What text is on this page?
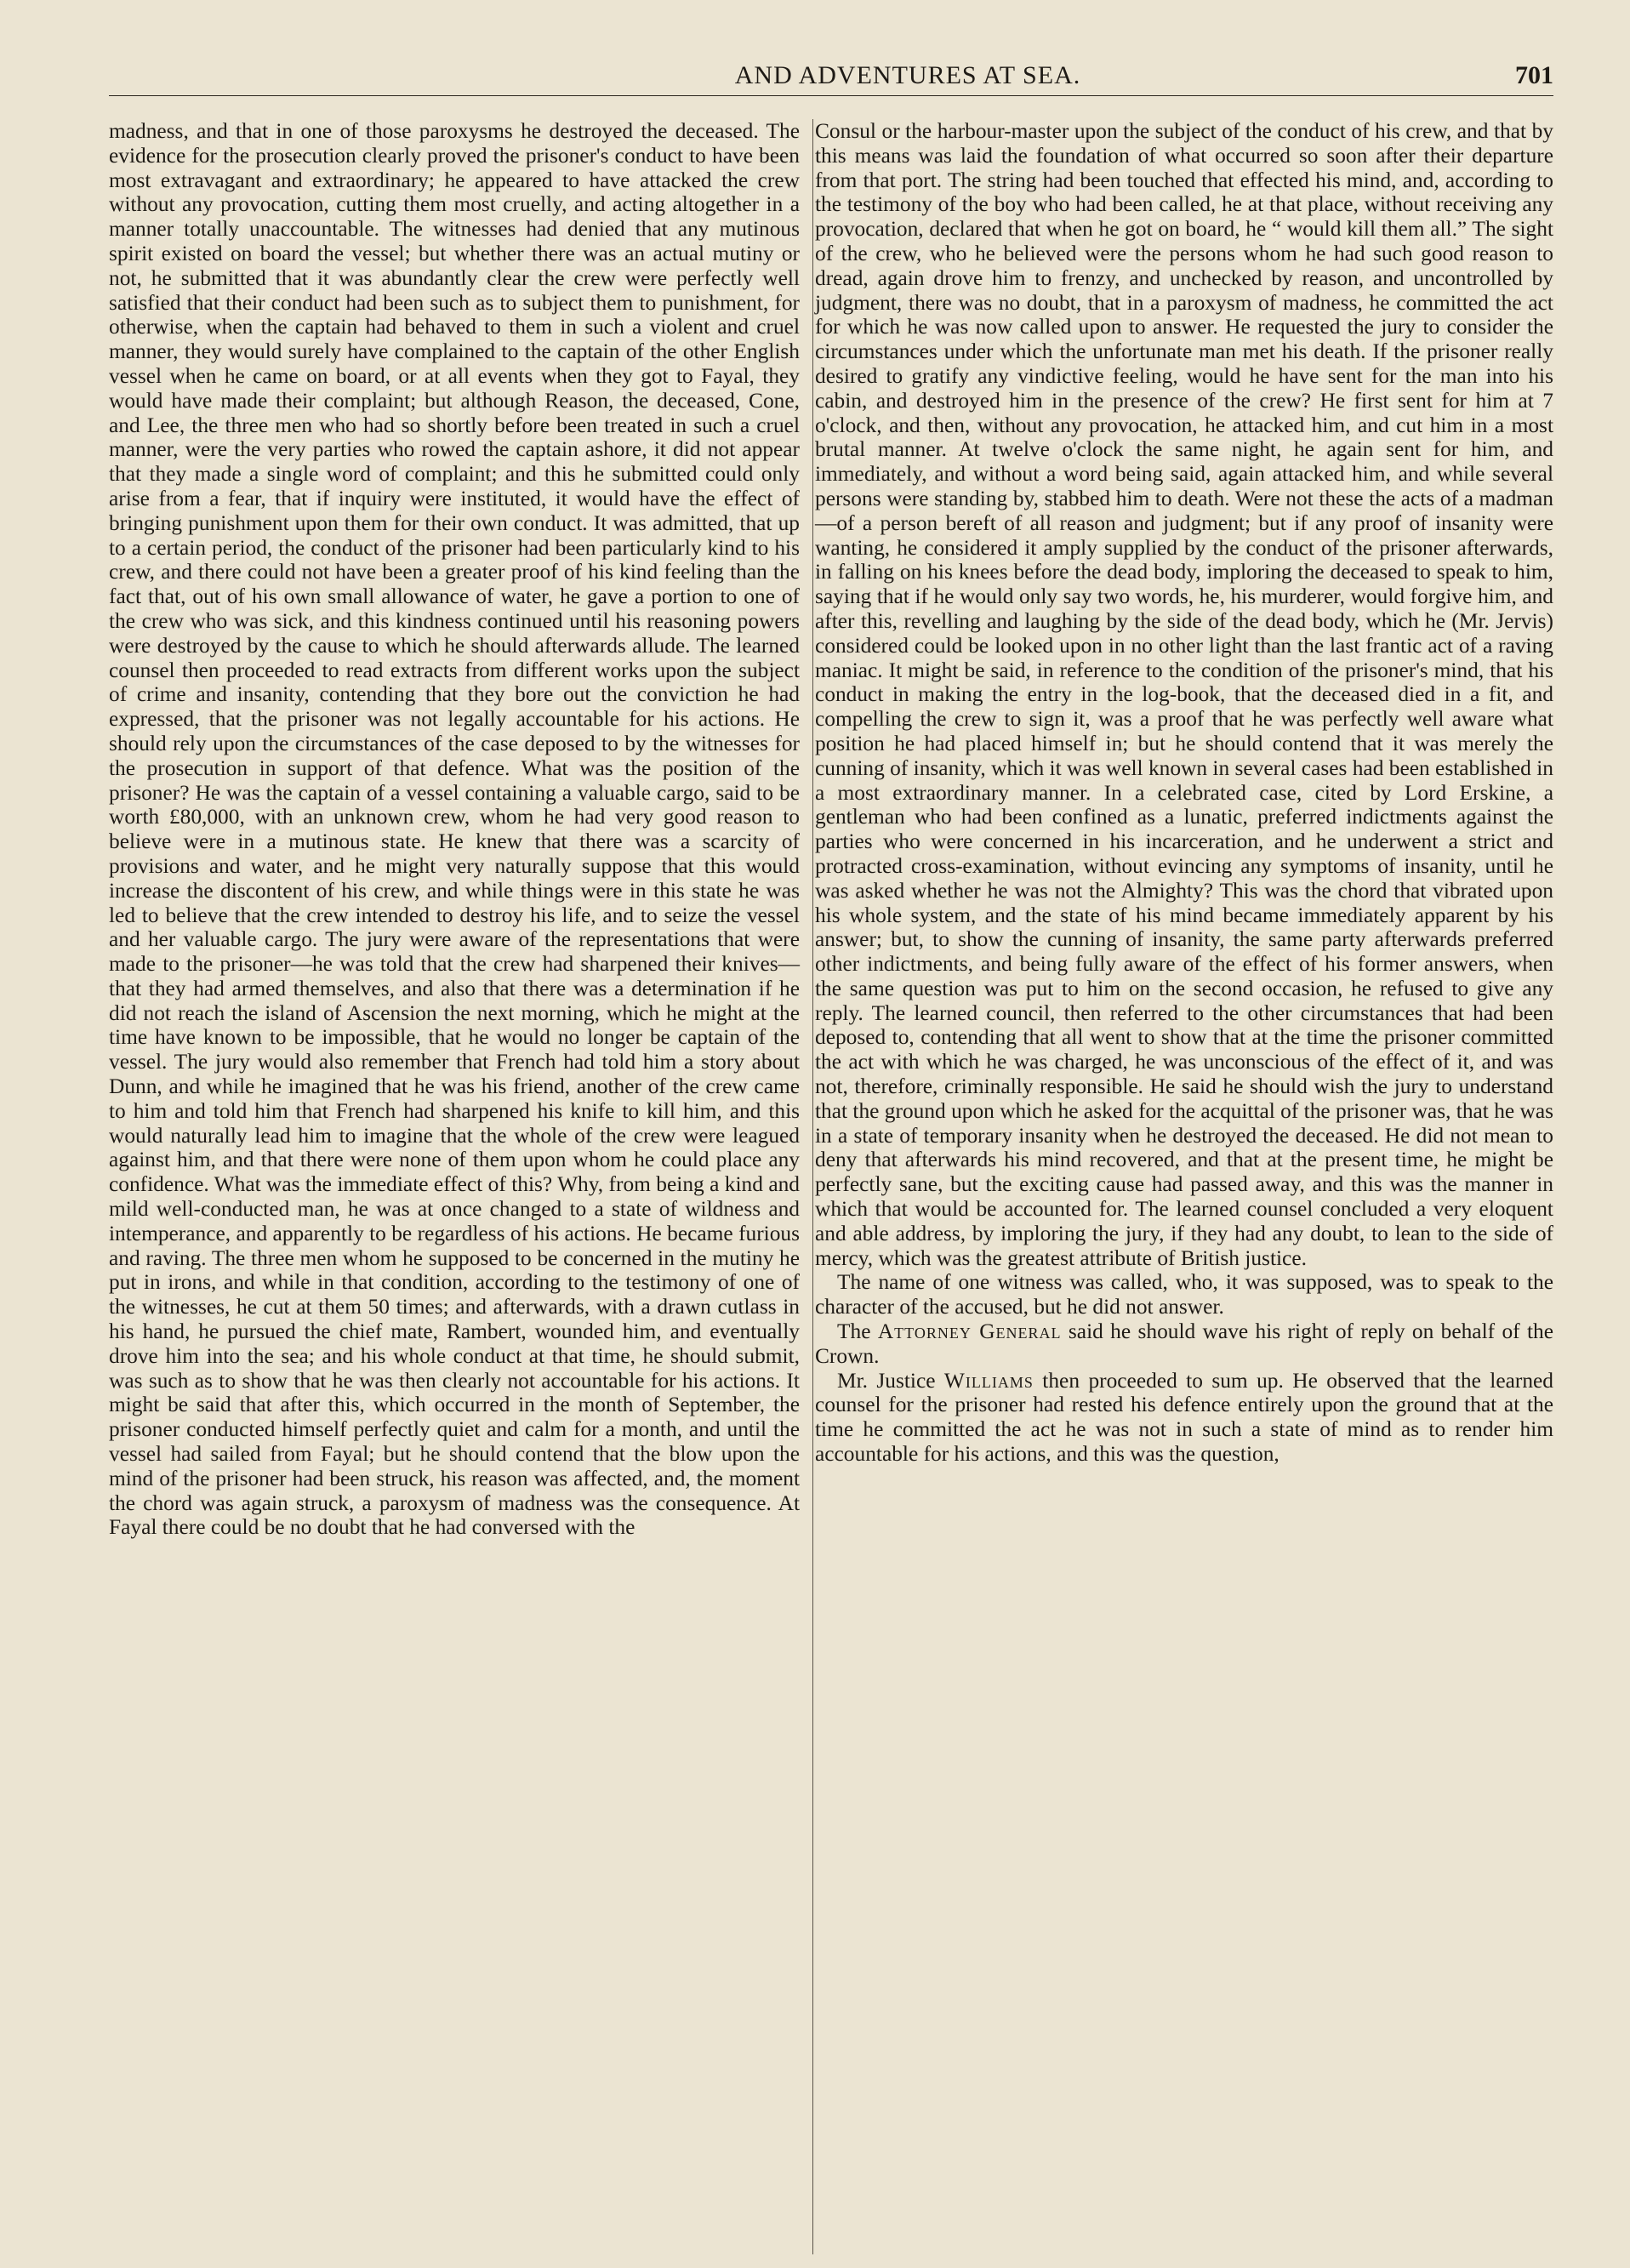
AND ADVENTURES AT SEA.	701

madness, and that in one of those paroxysms he destroyed the deceased. The evidence for the prosecution clearly proved the prisoner's conduct to have been most extravagant and extraordinary; he appeared to have attacked the crew without any provocation, cutting them most cruelly, and acting altogether in a manner totally unaccountable. The witnesses had denied that any mutinous spirit existed on board the vessel; but whether there was an actual mutiny or not, he submitted that it was abundantly clear the crew were perfectly well satisfied that their conduct had been such as to subject them to punishment, for otherwise, when the captain had behaved to them in such a violent and cruel manner, they would surely have complained to the captain of the other English vessel when he came on board, or at all events when they got to Fayal, they would have made their complaint; but although Reason, the deceased, Cone, and Lee, the three men who had so shortly before been treated in such a cruel manner, were the very parties who rowed the captain ashore, it did not appear that they made a single word of complaint; and this he submitted could only arise from a fear, that if inquiry were instituted, it would have the effect of bringing punishment upon them for their own conduct. It was admitted, that up to a certain period, the conduct of the prisoner had been particularly kind to his crew, and there could not have been a greater proof of his kind feeling than the fact that, out of his own small allowance of water, he gave a portion to one of the crew who was sick, and this kindness continued until his reasoning powers were destroyed by the cause to which he should afterwards allude. The learned counsel then proceeded to read extracts from different works upon the subject of crime and insanity, contending that they bore out the conviction he had expressed, that the prisoner was not legally accountable for his actions. He should rely upon the circumstances of the case deposed to by the witnesses for the prosecution in support of that defence. What was the position of the prisoner? He was the captain of a vessel containing a valuable cargo, said to be worth £80,000, with an unknown crew, whom he had very good reason to believe were in a mutinous state. He knew that there was a scarcity of provisions and water, and he might very naturally suppose that this would increase the discontent of his crew, and while things were in this state he was led to believe that the crew intended to destroy his life, and to seize the vessel and her valuable cargo. The jury were aware of the representations that were made to the prisoner—he was told that the crew had sharpened their knives—that they had armed themselves, and also that there was a determination if he did not reach the island of Ascension the next morning, which he might at the time have known to be impossible, that he would no longer be captain of the vessel. The jury would also remember that French had told him a story about Dunn, and while he imagined that he was his friend, another of the crew came to him and told him that French had sharpened his knife to kill him, and this would naturally lead him to imagine that the whole of the crew were leagued against him, and that there were none of them upon whom he could place any confidence. What was the immediate effect of this? Why, from being a kind and mild well-conducted man, he was at once changed to a state of wildness and intemperance, and apparently to be regardless of his actions. He became furious and raving. The three men whom he supposed to be concerned in the mutiny he put in irons, and while in that condition, according to the testimony of one of the witnesses, he cut at them 50 times; and afterwards, with a drawn cutlass in his hand, he pursued the chief mate, Rambert, wounded him, and eventually drove him into the sea; and his whole conduct at that time, he should submit, was such as to show that he was then clearly not accountable for his actions. It might be said that after this, which occurred in the month of September, the prisoner conducted himself perfectly quiet and calm for a month, and until the vessel had sailed from Fayal; but he should contend that the blow upon the mind of the prisoner had been struck, his reason was affected, and, the moment the chord was again struck, a paroxysm of madness was the consequence. At Fayal there could be no doubt that he had conversed with the

Consul or the harbour-master upon the subject of the conduct of his crew, and that by this means was laid the foundation of what occurred so soon after their departure from that port. The string had been touched that effected his mind, and, according to the testimony of the boy who had been called, he at that place, without receiving any provocation, declared that when he got on board, he “ would kill them all.” The sight of the crew, who he believed were the persons whom he had such good reason to dread, again drove him to frenzy, and unchecked by reason, and uncontrolled by judgment, there was no doubt, that in a paroxysm of madness, he committed the act for which he was now called upon to answer. He requested the jury to consider the circumstances under which the unfortunate man met his death. If the prisoner really desired to gratify any vindictive feeling, would he have sent for the man into his cabin, and destroyed him in the presence of the crew? He first sent for him at 7 o'clock, and then, without any provocation, he attacked him, and cut him in a most brutal manner. At twelve o'clock the same night, he again sent for him, and immediately, and without a word being said, again attacked him, and while several persons were standing by, stabbed him to death. Were not these the acts of a madman—of a person bereft of all reason and judgment; but if any proof of insanity were wanting, he considered it amply supplied by the conduct of the prisoner afterwards, in falling on his knees before the dead body, imploring the deceased to speak to him, saying that if he would only say two words, he, his murderer, would forgive him, and after this, revelling and laughing by the side of the dead body, which he (Mr. Jervis) considered could be looked upon in no other light than the last frantic act of a raving maniac. It might be said, in reference to the condition of the prisoner's mind, that his conduct in making the entry in the log-book, that the deceased died in a fit, and compelling the crew to sign it, was a proof that he was perfectly well aware what position he had placed himself in; but he should contend that it was merely the cunning of insanity, which it was well known in several cases had been established in a most extraordinary manner. In a celebrated case, cited by Lord Erskine, a gentleman who had been confined as a lunatic, preferred indictments against the parties who were concerned in his incarceration, and he underwent a strict and protracted cross-examination, without evincing any symptoms of insanity, until he was asked whether he was not the Almighty? This was the chord that vibrated upon his whole system, and the state of his mind became immediately apparent by his answer; but, to show the cunning of insanity, the same party afterwards preferred other indictments, and being fully aware of the effect of his former answers, when the same question was put to him on the second occasion, he refused to give any reply. The learned council, then referred to the other circumstances that had been deposed to, contending that all went to show that at the time the prisoner committed the act with which he was charged, he was unconscious of the effect of it, and was not, therefore, criminally responsible. He said he should wish the jury to understand that the ground upon which he asked for the acquittal of the prisoner was, that he was in a state of temporary insanity when he destroyed the deceased. He did not mean to deny that afterwards his mind recovered, and that at the present time, he might be perfectly sane, but the exciting cause had passed away, and this was the manner in which that would be accounted for. The learned counsel concluded a very eloquent and able address, by imploring the jury, if they had any doubt, to lean to the side of mercy, which was the greatest attribute of British justice.

The name of one witness was called, who, it was supposed, was to speak to the character of the accused, but he did not answer.

The Attorney General said he should wave his right of reply on behalf of the Crown.

Mr. Justice Williams then proceeded to sum up. He observed that the learned counsel for the prisoner had rested his defence entirely upon the ground that at the time he committed the act he was not in such a state of mind as to render him accountable for his actions, and this was the question,
